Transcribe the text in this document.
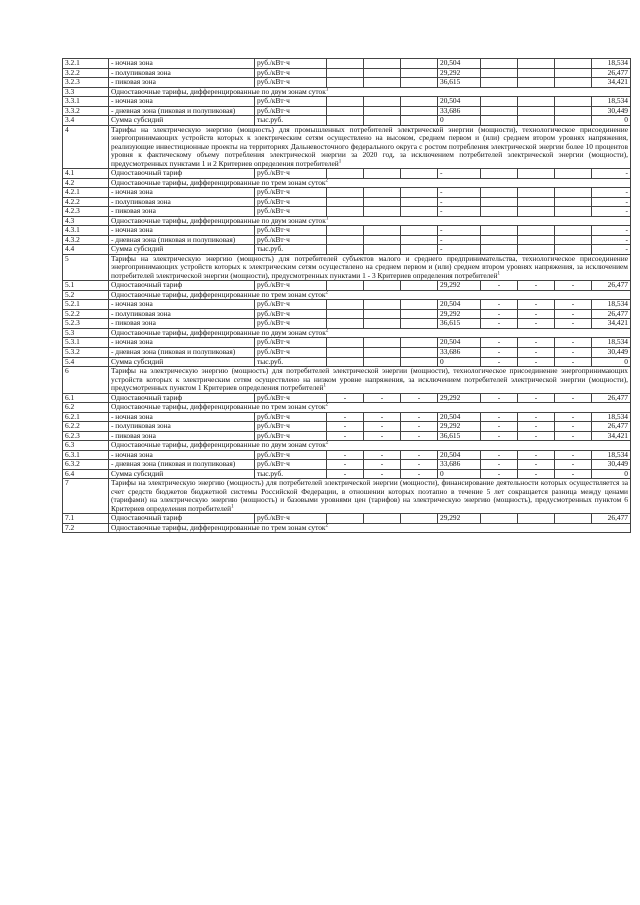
3.2.1	- ночная зона	руб./кВт·ч				20,504				18,534
3.2.2	- полупиковая зона	руб./кВт·ч				29,292				26,477
3.2.3	- пиковая зона	руб./кВт·ч				36,615				34,421
3.3	Одноставочные тарифы, дифференцированные по двум зонам суток$^1$
3.3.1	- ночная зона	руб./кВт·ч				20,504				18,534
3.3.2	- дневная зона (пиковая и полупиковая)	руб./кВт·ч				33,686				30,449
3.4	Сумма субсидий	тыс.руб.				0				0
4	Тарифы на электрическую энергию (мощность) для промышленных потребителей электрической энергии (мощности), технологическое присоединение энергопринимающих устройств которых к электрическим сетям осуществлено на высоком, среднем первом и (или) среднем втором уровнях напряжения, реализующие инвестиционные проекты на территориях Дальневосточного федерального округа с ростом потребления электрической энергии более 10 процентов уровня к фактическому объему потребления электрической энергии за 2020 год, за исключением потребителей электрической энергии (мощности), предусмотренных пунктами 1 и 2 Критериев определения потребителей$^1$
4.1	Одноставочный тариф	руб./кВт·ч				-				-
4.2	Одноставочные тарифы, дифференцированные по трем зонам суток$^2$
4.2.1	- ночная зона	руб./кВт·ч				-				-
4.2.2	- полупиковая зона	руб./кВт·ч				-				-
4.2.3	- пиковая зона	руб./кВт·ч				-				-
4.3	Одноставочные тарифы, дифференцированные по двум зонам суток$^1$
4.3.1	- ночная зона	руб./кВт·ч				-				-
4.3.2	- дневная зона (пиковая и полупиковая)	руб./кВт·ч				-				-
4.4	Сумма субсидий	тыс.руб.				-				-
5	Тарифы на электрическую энергию (мощность) для потребителей субъектов малого и среднего предпринимательства, технологическое присоединение энергопринимающих устройств которых к электрическим сетям осуществлено на среднем первом и (или) среднем втором уровнях напряжения, за исключением потребителей электрической энергии (мощности), предусмотренных пунктами 1 - 3 Критериев определения потребителей$^1$
5.1	Одноставочный тариф	руб./кВт·ч				29,292	-	-	-	26,477
5.2	Одноставочные тарифы, дифференцированные по трем зонам суток$^2$
5.2.1	- ночная зона	руб./кВт·ч				20,504	-	-	-	18,534
5.2.2	- полупиковая зона	руб./кВт·ч				29,292	-	-	-	26,477
5.2.3	- пиковая зона	руб./кВт·ч				36,615	-	-	-	34,421
5.3	Одноставочные тарифы, дифференцированные по двум зонам суток$^2$
5.3.1	- ночная зона	руб./кВт·ч				20,504	-	-	-	18,534
5.3.2	- дневная зона (пиковая и полупиковая)	руб./кВт·ч				33,686	-	-	-	30,449
5.4	Сумма субсидий	тыс.руб.				0	-	-	-	0
6	Тарифы на электрическую энергию (мощность) для потребителей электрической энергии (мощности), технологическое присоединение энергопринимающих устройств которых к электрическим сетям осуществлено на низком уровне напряжения, за исключением потребителей электрической энергии (мощности), предусмотренных пунктом 1 Критериев определения потребителей$^1$
6.1	Одноставочный тариф	руб./кВт·ч	-	-	-	29,292	-	-	-	26,477
6.2	Одноставочные тарифы, дифференцированные по трем зонам суток$^2$
6.2.1	- ночная зона	руб./кВт·ч	-	-	-	20,504	-	-	-	18,534
6.2.2	- полупиковая зона	руб./кВт·ч	-	-	-	29,292	-	-	-	26,477
6.2.3	- пиковая зона	руб./кВт·ч	-	-	-	36,615	-	-	-	34,421
6.3	Одноставочные тарифы, дифференцированные по двум зонам суток$^2$
6.3.1	- ночная зона	руб./кВт·ч	-	-	-	20,504	-	-	-	18,534
6.3.2	- дневная зона (пиковая и полупиковая)	руб./кВт·ч	-	-	-	33,686	-	-	-	30,449
6.4	Сумма субсидий	тыс.руб.	-	-	-	0	-	-	-	0
7	Тарифы на электрическую энергию (мощность) для потребителей электрической энергии (мощности), финансирование деятельности которых осуществляется за счет средств бюджетов бюджетной системы Российской Федерации, в отношении которых поэтапно в течение 5 лет сокращается разница между ценами (тарифами) на электрическую энергию (мощность) и базовыми уровнями цен (тарифов) на электрическую энергию (мощность), предусмотренных пунктом 6 Критериев определения потребителей$^1$
7.1	Одноставочный тариф	руб./кВт·ч				29,292				26,477
7.2	Одноставочные тарифы, дифференцированные по трем зонам суток$^2$
